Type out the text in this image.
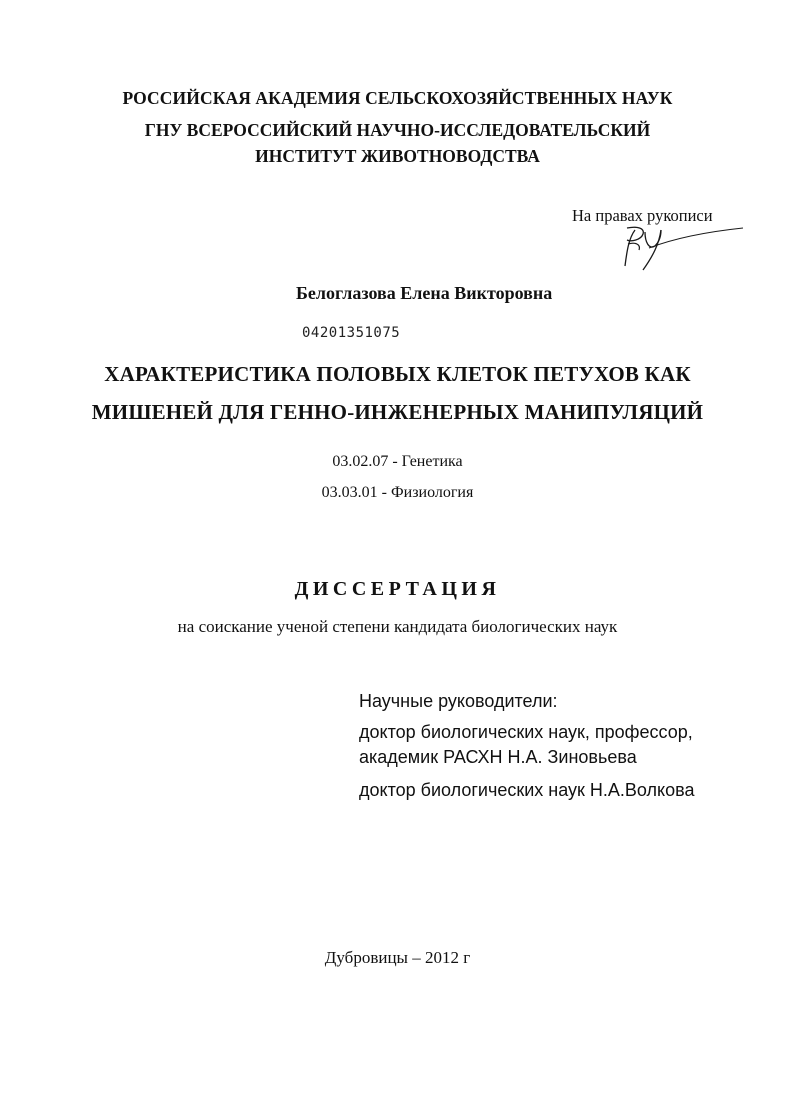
РОССИЙСКАЯ АКАДЕМИЯ СЕЛЬСКОХОЗЯЙСТВЕННЫХ НАУК
ГНУ ВСЕРОССИЙСКИЙ НАУЧНО-ИССЛЕДОВАТЕЛЬСКИЙ
ИНСТИТУТ ЖИВОТНОВОДСТВА
На правах рукописи
Белоглазова Елена Викторовна
04201351075
ХАРАКТЕРИСТИКА ПОЛОВЫХ КЛЕТОК ПЕТУХОВ КАК
МИШЕНЕЙ ДЛЯ ГЕННО-ИНЖЕНЕРНЫХ МАНИПУЛЯЦИЙ
03.02.07 - Генетика
03.03.01 - Физиология
ДИССЕРТАЦИЯ
на соискание ученой степени кандидата биологических наук
Научные руководители:
доктор биологических наук, профессор,
академик РАСХН Н.А. Зиновьева
доктор биологических наук Н.А.Волкова
Дубровицы – 2012 г
